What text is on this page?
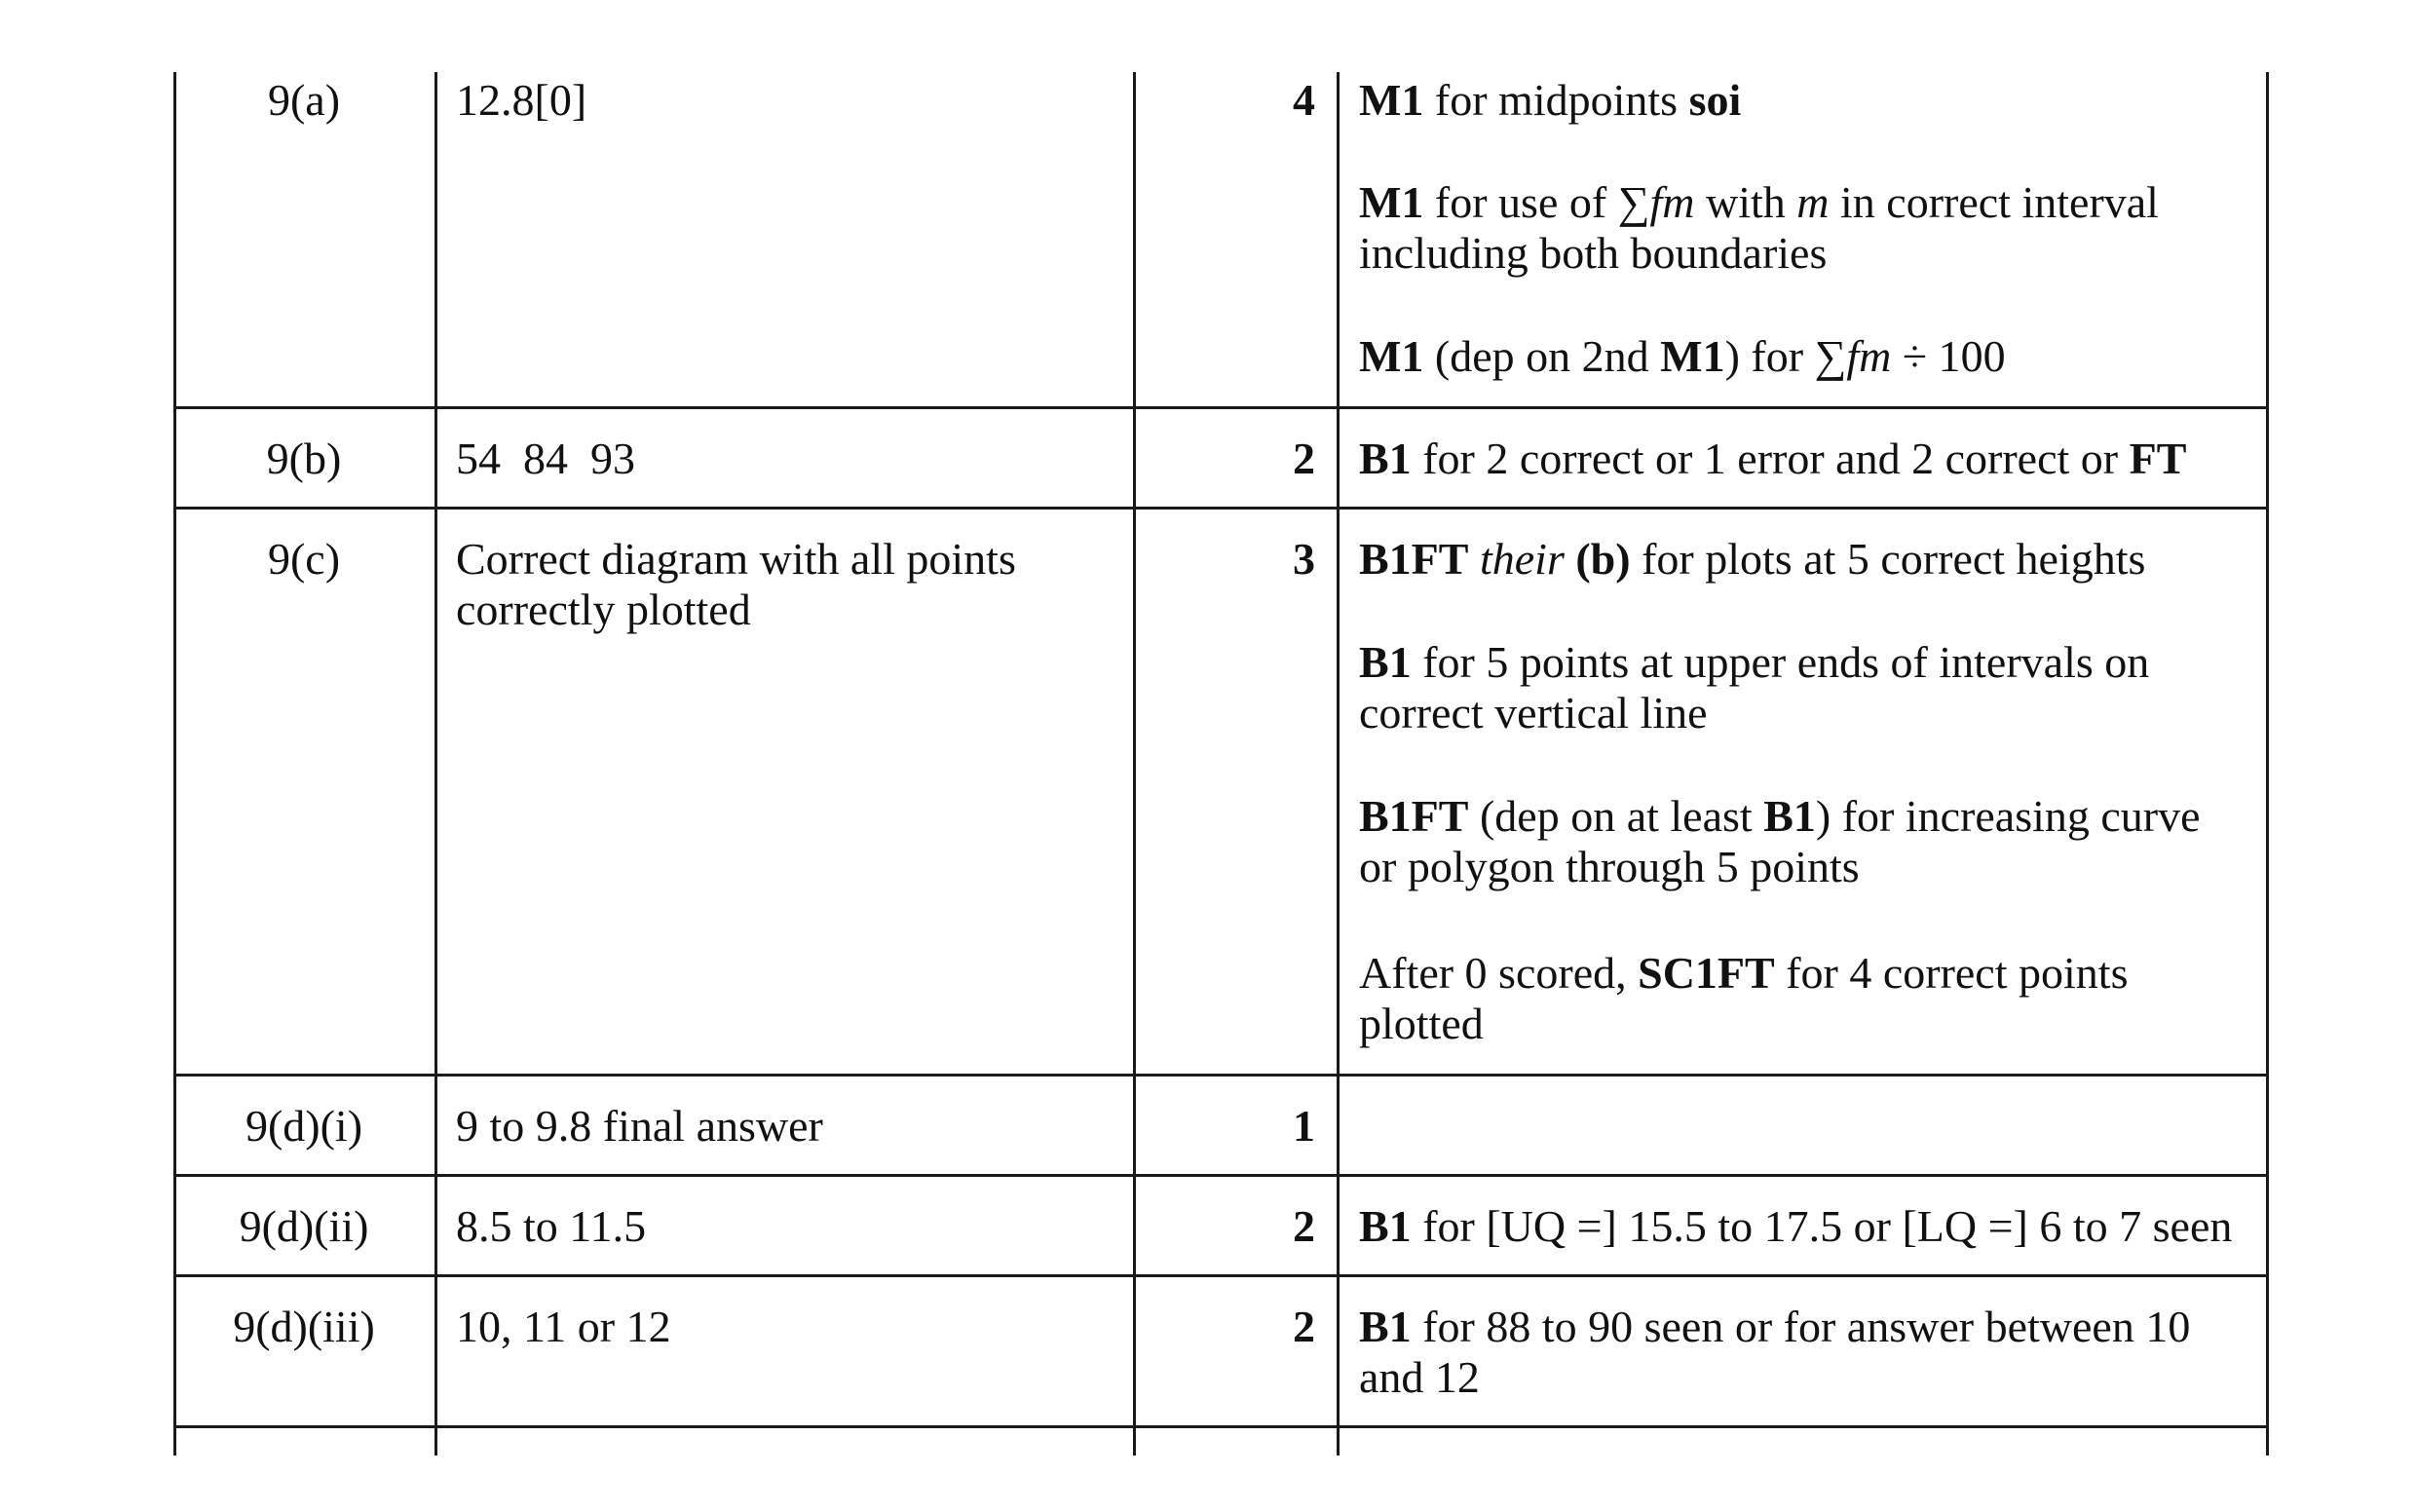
9(a)	12.8[0]	4 M1 for midpoints soi
M1 for use of ∑fm with m in correct interval
including both boundaries
M1 (dep on 2nd M1) for ∑fm ÷ 100
9(b)	54  84  93	2 B1 for 2 correct or 1 error and 2 correct or FT
9(c)	Correct diagram with all points
correctly plotted
3 B1FT their (b) for plots at 5 correct heights
B1 for 5 points at upper ends of intervals on
correct vertical line
B1FT (dep on at least B1) for increasing curve
or polygon through 5 points
After 0 scored, SC1FT for 4 correct points
plotted
9(d)(i)	9 to 9.8 final answer	1
9(d)(ii)	8.5 to 11.5	2 B1 for [UQ =] 15.5 to 17.5 or [LQ =] 6 to 7 seen
9(d)(iii)	10, 11 or 12	2 B1 for 88 to 90 seen or for answer between 10
and 12
